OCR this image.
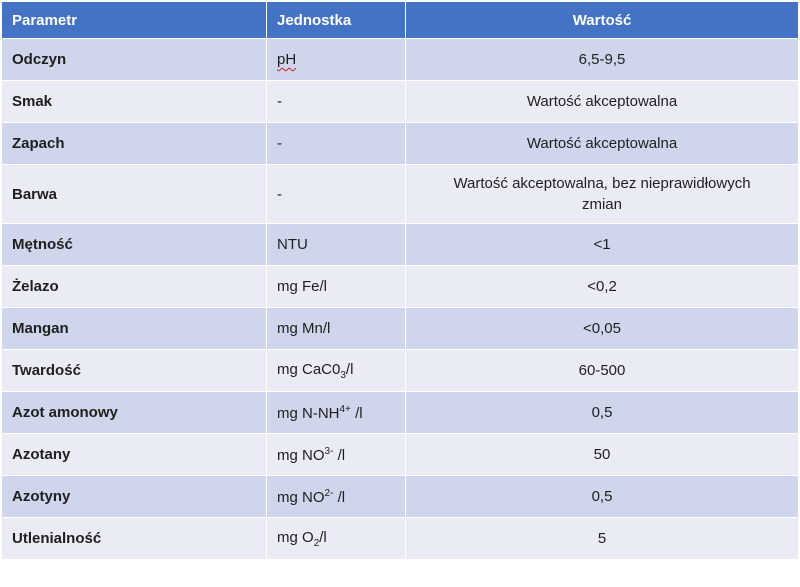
Parametr	Jednostka	Wartość
Odczyn	pH	6,5-9,5
Smak	-	Wartość akceptowalna
Zapach	-	Wartość akceptowalna
Barwa	-	Wartość akceptowalna, bez nieprawidłowych
zmian
Mętność	NTU	<1
Żelazo	mg Fe/l	<0,2
Mangan	mg Mn/l	<0,05
Twardość	mg $CaC0_3/l$	60-500
Azot amonowy	mg $N-NH^{4+}$ /l	0,5
Azotany	mg $NO^{3-}$ /l	50
Azotyny	mg $NO^{2-}$ /l	0,5
Utlenialność	mg $O_2/l$	5
